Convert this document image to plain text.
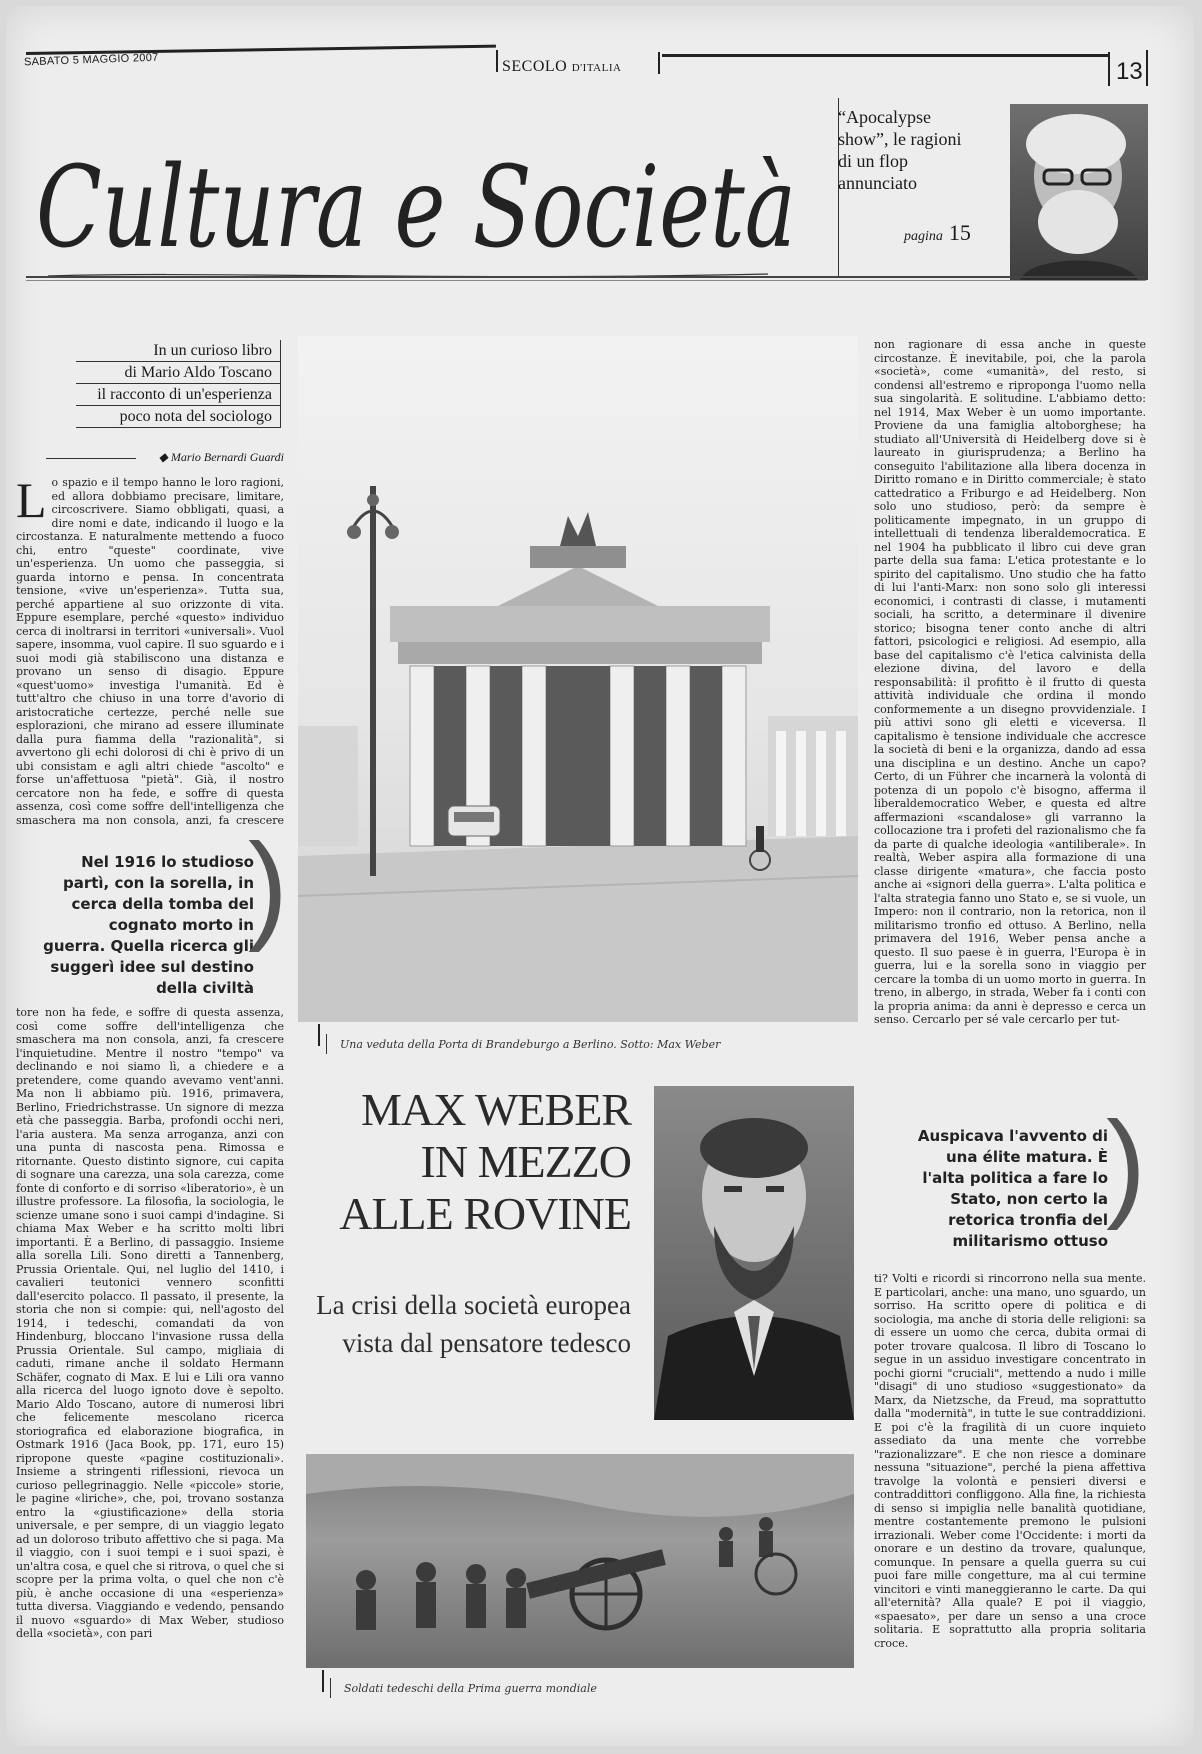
SABATO 5 MAGGIO 2007	SECOLO D'ITALIA	13
Cultura e Società
“Apocalypse show”, le ragioni di un flop annunciato
pagina 15
In un curioso libro
di Mario Aldo Toscano
il racconto di un'esperienza
poco nota del sociologo
◆ Mario Bernardi Guardi
Lo spazio e il tempo hanno le loro ragioni, ed allora dobbiamo precisare, limitare, circoscrivere. Siamo obbligati, quasi, a dire nomi e date, indicando il luogo e la circostanza. E naturalmente mettendo a fuoco chi, entro "queste" coordinate, vive un'esperienza. Un uomo che passeggia, si guarda intorno e pensa. In concentrata tensione, «vive un'esperienza». Tutta sua, perché appartiene al suo orizzonte di vita. Eppure esemplare, perché «questo» individuo cerca di inoltrarsi in territori «universali». Vuol sapere, insomma, vuol capire. Il suo sguardo e i suoi modi già stabiliscono una distanza e provano un senso di disagio. Eppure «quest'uomo» investiga l'umanità. Ed è tutt'altro che chiuso in una torre d'avorio di aristocratiche certezze, perché nelle sue esplorazioni, che mirano ad essere illuminate dalla pura fiamma della "razionalità", si avvertono gli echi dolorosi di chi è privo di un ubi consistam e agli altri chiede "ascolto" e forse un'affettuosa "pietà". Già, il nostro cercatore non ha fede, e soffre di questa assenza, così come soffre dell'intelligenza che smaschera ma non consola, anzi, fa crescere
Nel 1916 lo studioso partì, con la sorella, in cerca della tomba del cognato morto in guerra. Quella ricerca gli suggerì idee sul destino della civiltà
)
tore non ha fede, e soffre di questa assenza, così come soffre dell'intelligenza che smaschera ma non consola, anzi, fa crescere l'inquietudine. Mentre il nostro "tempo" va declinando e noi siamo lì, a chiedere e a pretendere, come quando avevamo vent'anni. Ma non li abbiamo più. 1916, primavera, Berlino, Friedrichstrasse. Un signore di mezza età che passeggia. Barba, profondi occhi neri, l'aria austera. Ma senza arroganza, anzi con una punta di nascosta pena. Rimossa e ritornante. Questo distinto signore, cui capita di sognare una carezza, una sola carezza, come fonte di conforto e di sorriso «liberatorio», è un illustre professore. La filosofia, la sociologia, le scienze umane sono i suoi campi d'indagine. Si chiama Max Weber e ha scritto molti libri importanti. È a Berlino, di passaggio. Insieme alla sorella Lili. Sono diretti a Tannenberg, Prussia Orientale. Qui, nel luglio del 1410, i cavalieri teutonici vennero sconfitti dall'esercito polacco. Il passato, il presente, la storia che non si compie: qui, nell'agosto del 1914, i tedeschi, comandati da von Hindenburg, bloccano l'invasione russa della Prussia Orientale. Sul campo, migliaia di caduti, rimane anche il soldato Hermann Schäfer, cognato di Max. E lui e Lili ora vanno alla ricerca del luogo ignoto dove è sepolto. Mario Aldo Toscano, autore di numerosi libri che felicemente mescolano ricerca storiografica ed elaborazione biografica, in Ostmark 1916 (Jaca Book, pp. 171, euro 15) ripropone queste «pagine costituzionali». Insieme a stringenti riflessioni, rievoca un curioso pellegrinaggio. Nelle «piccole» storie, le pagine «liriche», che, poi, trovano sostanza entro la «giustificazione» della storia universale, e per sempre, di un viaggio legato ad un doloroso tributo affettivo che si paga. Ma il viaggio, con i suoi tempi e i suoi spazi, è un'altra cosa, e quel che si ritrova, o quel che si scopre per la prima volta, o quel che non c'è più, è anche occasione di una «esperienza» tutta diversa. Viaggiando e vedendo, pensando il nuovo «sguardo» di Max Weber, studioso della «società», con pari
Una veduta della Porta di Brandeburgo a Berlino. Sotto: Max Weber
MAX WEBER IN MEZZO ALLE ROVINE
La crisi della società europea vista dal pensatore tedesco
non ragionare di essa anche in queste circostanze. È inevitabile, poi, che la parola «società», come «umanità», del resto, si condensi all'estremo e riproponga l'uomo nella sua singolarità. E solitudine. L'abbiamo detto: nel 1914, Max Weber è un uomo importante. Proviene da una famiglia altoborghese; ha studiato all'Università di Heidelberg dove si è laureato in giurisprudenza; a Berlino ha conseguito l'abilitazione alla libera docenza in Diritto romano e in Diritto commerciale; è stato cattedratico a Friburgo e ad Heidelberg. Non solo uno studioso, però: da sempre è politicamente impegnato, in un gruppo di intellettuali di tendenza liberaldemocratica. E nel 1904 ha pubblicato il libro cui deve gran parte della sua fama: L'etica protestante e lo spirito del capitalismo. Uno studio che ha fatto di lui l'anti-Marx: non sono solo gli interessi economici, i contrasti di classe, i mutamenti sociali, ha scritto, a determinare il divenire storico; bisogna tener conto anche di altri fattori, psicologici e religiosi. Ad esempio, alla base del capitalismo c'è l'etica calvinista della elezione divina, del lavoro e della responsabilità: il profitto è il frutto di questa attività individuale che ordina il mondo conformemente a un disegno provvidenziale. I più attivi sono gli eletti e viceversa. Il capitalismo è tensione individuale che accresce la società di beni e la organizza, dando ad essa una disciplina e un destino. Anche un capo? Certo, di un Führer che incarnerà la volontà di potenza di un popolo c'è bisogno, afferma il liberaldemocratico Weber, e questa ed altre affermazioni «scandalose» gli varranno la collocazione tra i profeti del razionalismo che fa da parte di qualche ideologia «antiliberale». In realtà, Weber aspira alla formazione di una classe dirigente «matura», che faccia posto anche ai «signori della guerra». L'alta politica e l'alta strategia fanno uno Stato e, se si vuole, un Impero: non il contrario, non la retorica, non il militarismo tronfio ed ottuso. A Berlino, nella primavera del 1916, Weber pensa anche a questo. Il suo paese è in guerra, l'Europa è in guerra, lui e la sorella sono in viaggio per cercare la tomba di un uomo morto in guerra. In treno, in albergo, in strada, Weber fa i conti con la propria anima: da anni è depresso e cerca un senso. Cercarlo per sé vale cercarlo per tut-
Auspicava l'avvento di una élite matura. È l'alta politica a fare lo Stato, non certo la retorica tronfia del militarismo ottuso
)
ti? Volti e ricordi si rincorrono nella sua mente. E particolari, anche: una mano, uno sguardo, un sorriso. Ha scritto opere di politica e di sociologia, ma anche di storia delle religioni: sa di essere un uomo che cerca, dubita ormai di poter trovare qualcosa. Il libro di Toscano lo segue in un assiduo investigare concentrato in pochi giorni "cruciali", mettendo a nudo i mille "disagi" di uno studioso «suggestionato» da Marx, da Nietzsche, da Freud, ma soprattutto dalla "modernità", in tutte le sue contraddizioni. E poi c'è la fragilità di un cuore inquieto assediato da una mente che vorrebbe "razionalizzare". E che non riesce a dominare nessuna "situazione", perché la piena affettiva travolge la volontà e pensieri diversi e contraddittori confliggono. Alla fine, la richiesta di senso si impiglia nelle banalità quotidiane, mentre costantemente premono le pulsioni irrazionali. Weber come l'Occidente: i morti da onorare e un destino da trovare, qualunque, comunque. In pensare a quella guerra su cui puoi fare mille congetture, ma al cui termine vincitori e vinti maneggieranno le carte. Da qui all'eternità? Alla quale? E poi il viaggio, «spaesato», per dare un senso a una croce solitaria. E soprattutto alla propria solitaria croce.
Soldati tedeschi della Prima guerra mondiale
